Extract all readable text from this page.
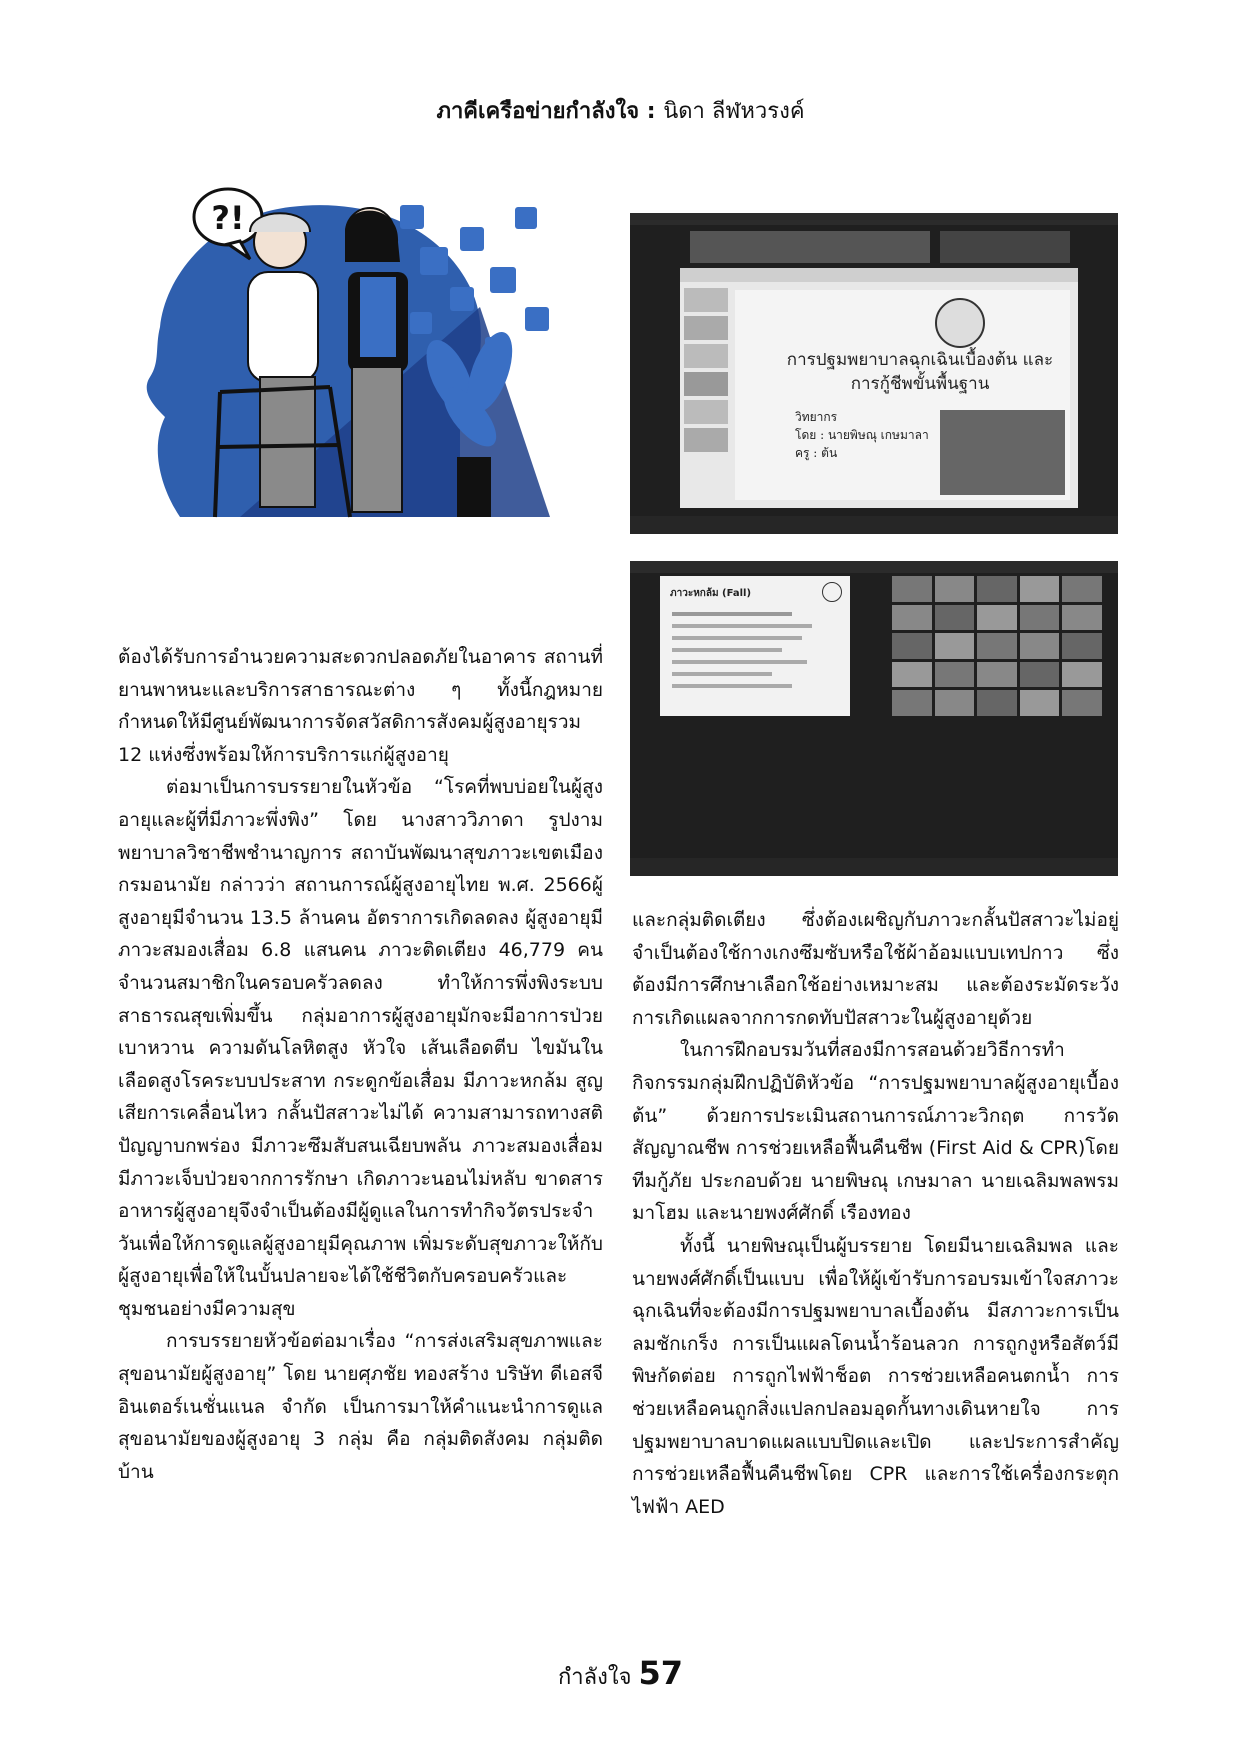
ภาคีเครือข่ายกำลังใจ : นิดา ลีฬหวรงค์
?!
การปฐมพยาบาลฉุกเฉินเบื้องต้น และ
การกู้ชีพขั้นพื้นฐาน
วิทยากร
โดย : นายพิษณุ เกษมาลา
ครู : ต้น
ภาวะหกล้ม (Fall)

ต้องได้รับการอำนวยความสะดวกปลอดภัยในอาคาร สถานที่ยานพาหนะและบริการสาธารณะต่าง ๆ ทั้งนี้กฎหมายกำหนดให้มีศูนย์พัฒนาการจัดสวัสดิการสังคมผู้สูงอายุรวม 12 แห่งซึ่งพร้อมให้การบริการแก่ผู้สูงอายุ

ต่อมาเป็นการบรรยายในหัวข้อ “โรคที่พบบ่อยในผู้สูงอายุและผู้ที่มีภาวะพึ่งพิง” โดย นางสาววิภาดา รูปงามพยาบาลวิชาชีพชำนาญการ สถาบันพัฒนาสุขภาวะเขตเมืองกรมอนามัย กล่าวว่า สถานการณ์ผู้สูงอายุไทย พ.ศ. 2566ผู้สูงอายุมีจำนวน 13.5 ล้านคน อัตราการเกิดลดลง ผู้สูงอายุมีภาวะสมองเสื่อม 6.8 แสนคน ภาวะติดเตียง 46,779 คนจำนวนสมาชิกในครอบครัวลดลง ทำให้การพึ่งพิงระบบสาธารณสุขเพิ่มขึ้น กลุ่มอาการผู้สูงอายุมักจะมีอาการป่วยเบาหวาน ความดันโลหิตสูง หัวใจ เส้นเลือดตีบ ไขมันในเลือดสูงโรคระบบประสาท กระดูกข้อเสื่อม มีภาวะหกล้ม สูญเสียการเคลื่อนไหว กลั้นปัสสาวะไม่ได้ ความสามารถทางสติปัญญาบกพร่อง มีภาวะซึมสับสนเฉียบพลัน ภาวะสมองเสื่อม มีภาวะเจ็บป่วยจากการรักษา เกิดภาวะนอนไม่หลับ ขาดสารอาหารผู้สูงอายุจึงจำเป็นต้องมีผู้ดูแลในการทำกิจวัตรประจำวันเพื่อให้การดูแลผู้สูงอายุมีคุณภาพ เพิ่มระดับสุขภาวะให้กับผู้สูงอายุเพื่อให้ในบั้นปลายจะได้ใช้ชีวิตกับครอบครัวและชุมชนอย่างมีความสุข

การบรรยายหัวข้อต่อมาเรื่อง “การส่งเสริมสุขภาพและสุขอนามัยผู้สูงอายุ” โดย นายศุภชัย ทองสร้าง บริษัท ดีเอสจีอินเตอร์เนชั่นแนล จำกัด เป็นการมาให้คำแนะนำการดูแลสุขอนามัยของผู้สูงอายุ 3 กลุ่ม คือ กลุ่มติดสังคม กลุ่มติดบ้าน

และกลุ่มติดเตียง ซึ่งต้องเผชิญกับภาวะกลั้นปัสสาวะไม่อยู่จำเป็นต้องใช้กางเกงซึมซับหรือใช้ผ้าอ้อมแบบเทปกาว ซึ่งต้องมีการศึกษาเลือกใช้อย่างเหมาะสม และต้องระมัดระวังการเกิดแผลจากการกดทับปัสสาวะในผู้สูงอายุด้วย

ในการฝึกอบรมวันที่สองมีการสอนด้วยวิธีการทำกิจกรรมกลุ่มฝึกปฏิบัติหัวข้อ “การปฐมพยาบาลผู้สูงอายุเบื้องต้น” ด้วยการประเมินสถานการณ์ภาวะวิกฤต การวัดสัญญาณชีพ การช่วยเหลือฟื้นคืนชีพ (First Aid & CPR)โดยทีมกู้ภัย ประกอบด้วย นายพิษณุ เกษมาลา นายเฉลิมพลพรมมาโฮม และนายพงศ์ศักดิ์ เรืองทอง

ทั้งนี้ นายพิษณุเป็นผู้บรรยาย โดยมีนายเฉลิมพล และนายพงศ์ศักดิ์เป็นแบบ เพื่อให้ผู้เข้ารับการอบรมเข้าใจสภาวะฉุกเฉินที่จะต้องมีการปฐมพยาบาลเบื้องต้น มีสภาวะการเป็นลมชักเกร็ง การเป็นแผลโดนน้ำร้อนลวก การถูกงูหรือสัตว์มีพิษกัดต่อย การถูกไฟฟ้าช็อต การช่วยเหลือคนตกน้ำ การช่วยเหลือคนถูกสิ่งแปลกปลอมอุดกั้นทางเดินหายใจ การปฐมพยาบาลบาดแผลแบบปิดและเปิด และประการสำคัญการช่วยเหลือฟื้นคืนชีพโดย CPR และการใช้เครื่องกระตุกไฟฟ้า AED

กำลังใจ 57
